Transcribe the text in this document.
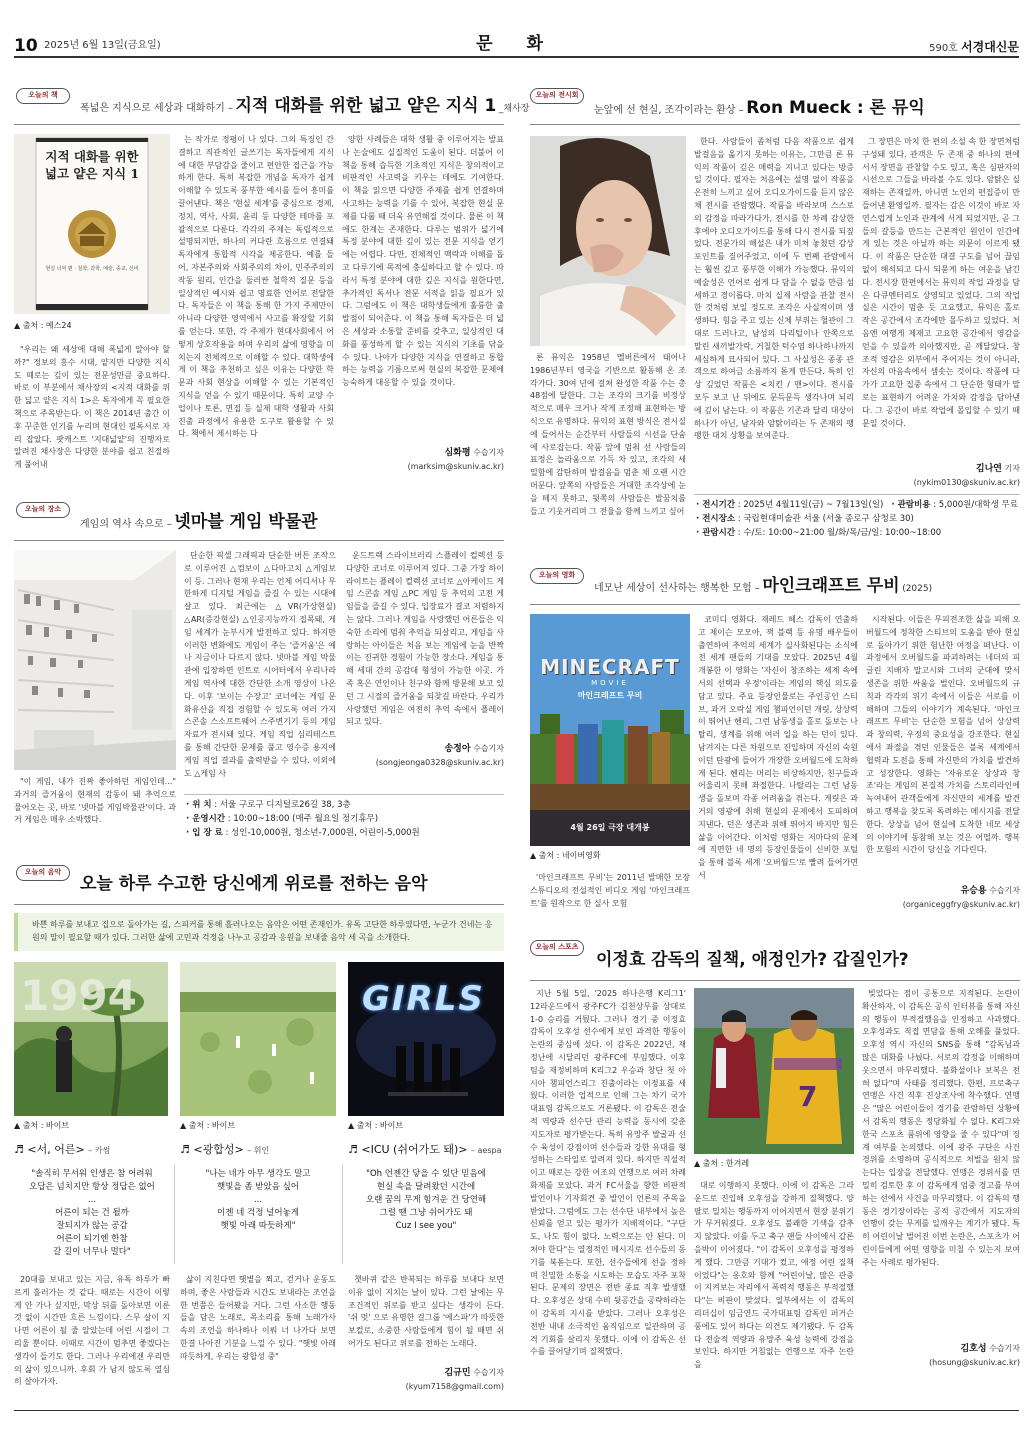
10 2025년 6월 13일(금요일)	문 화	590호 서경대신문
오늘의 책
폭넓은 지식으로 세상과 대화하기 – 지적 대화를 위한 넓고 얕은 지식 1 _채사장
지적 대화를 위한
넓고 얕은 지식 1
현실 너머 편 · 철학, 과학, 예술, 종교, 신비
▲ 출처 : 예스24

"우리는 왜 세상에 대해 폭넓게 알아야 할까?" 정보의 홍수 시대, 얕지만 다양한 지식도 때로는 깊이 있는 전문성만큼 중요하다. 바로 이 부분에서 채사장의 <지적 대화를 위한 넓고 얕은 지식 1>은 독자에게 꼭 필요한 책으로 주목받는다. 이 책은 2014년 출간 이후 꾸준한 인기를 누리며 현대인 필독서로 자리 잡았다. 팟캐스트 '지대넓얕'의 진행자로 알려진 채사장은 다양한 분야를 쉽고 친절하게 풀어내

는 작가로 정평이 나 있다. 그의 특징인 간결하고 직관적인 글쓰기는 독자들에게 지식에 대한 부담감을 줄이고 편안한 접근을 가능하게 한다. 특히 복잡한 개념을 독자가 쉽게 이해할 수 있도록 풍부한 예시를 들어 흥미를 끌어낸다. 책은 '현실 세계'를 중심으로 경제, 정치, 역사, 사회, 윤리 등 다양한 테마를 포괄적으로 다룬다. 각각의 주제는 독립적으로 설명되지만, 하나의 커다란 흐름으로 연결돼 독자에게 통합적 시각을 제공한다. 예를 들어, 자본주의와 사회주의의 차이, 민주주의의 작동 원리, 인간을 둘러싼 철학적 질문 등을 일상적인 예시와 쉽고 명료한 언어로 전달한다. 독자들은 이 책을 통해 한 가지 주제만이 아니라 다양한 영역에서 사고를 확장할 기회를 얻는다. 또한, 각 주제가 현대사회에서 어떻게 상호작용을 하며 우리의 삶에 영향을 미치는지 전체적으로 이해할 수 있다. 대학생에게 이 책을 추천하고 싶은 이유는 다양한 학문과 사회 현상을 이해할 수 있는 기본적인 지식을 얻을 수 있기 때문이다. 특히 교양 수업이나 토론, 면접 등 실제 대학 생활과 사회 진출 과정에서 유용한 도구로 활용할 수 있다. 책에서 제시하는 다

양한 사례들은 대학 생활 중 이루어지는 발표나 논술에도 실질적인 도움이 된다. 더불어 이 책을 통해 습득한 기초적인 지식은 창의적이고 비판적인 사고력을 키우는 데에도 기여한다. 이 책을 읽으면 다양한 주제를 쉽게 연결하며 사고하는 능력을 기를 수 있어, 복잡한 현실 문제를 다룰 때 더욱 유연해질 것이다. 물론 이 책에도 한계는 존재한다. 다루는 범위가 넓기에 특정 분야에 대한 깊이 있는 전문 지식을 얻기에는 어렵다. 다만, 전체적인 맥락과 이해를 돕고 다루기에 목적에 충실하다고 할 수 있다. 따라서 특정 분야에 대한 깊은 지식을 원한다면, 추가적인 독서나 전문 서적을 읽을 필요가 있다. 그럼에도 이 책은 대학생들에게 훌륭한 출발점이 되어준다. 이 책을 통해 독자들은 더 넓은 세상과 소통할 준비를 갖추고, 일상적인 대화를 풍성하게 할 수 있는 지식의 기초를 닦을 수 있다. 나아가 다양한 지식을 연결하고 통합하는 능력을 기름으로써 현실의 복잡한 문제에 능숙하게 대응할 수 있을 것이다.

심화평 수습기자
(marksim@skuniv.ac.kr)
오늘의 장소
게임의 역사 속으로 – 넷마블 게임 박물관

"이 게임, 내가 진짜 좋아하던 게임인데..." 과거의 즐거움이 현재의 감동이 돼 추억으로 물어오는 곳, 바로 '넷마블 게임박물관'이다. 과거 게임은 매우 소박했다.

단순한 픽셀 그래픽과 단순한 버튼 조작으로 이루어진 △컴보이 △다마고치 △게임보이 등. 그러나 현재 우리는 언제 어디서나 무한하게 디지털 게임을 즐길 수 있는 시대에 살고 있다. 최근에는 △VR(가상현실) △AR(증강현실) △인공지능까지 접목돼, 게임 세계가 눈부시게 발전하고 있다. 하지만 이러한 변화에도 게임이 주는 '즐거움'은 예나 지금이나 다르지 않다. 넷마블 게임 박물관에 입장하면 인트로 시어터에서 우리나라 게임 역사에 대한 간단한 소개 영상이 나온다. 이후 '보이는 수장고' 코너에는 게임 문화유산을 직접 경험할 수 있도록 여러 가지 스콘솔 스소프트웨어 스주변기기 등의 게임 자료가 전시돼 있다. 게임 직업 심리테스트를 통해 간단한 문제를 풀고 영수증 용지에 게임 직업 결과를 출력받을 수 있다. 이외에도 △게임 사

운드트랙 스라이브러리 스플레이 컬렉션 등 다양한 코너로 이루어져 있다. 그중 가장 하이라이트는 플레이 컬렉션 코너로 △아케이드 게임 스콘솔 게임 △PC 게임 등 추억의 고전 게임들을 즐길 수 있다. 입장료가 결코 저렴하지는 않다. 그러나 게임을 사랑했던 어른들은 익숙한 소리에 멈춰 추억을 되살리고, 게임을 사랑하는 아이들은 처음 보는 게임에 눈을 반짝이는 진귀한 경험이 가능한 장소다. 게임을 통해 세대 간의 공감대 형성이 가능한 이곳. 가족 혹은 연인이나 친구와 함께 방문해 보고 있던 그 시절의 즐거움을 되찾길 바란다. 우리가 사랑했던 게임은 여전히 추억 속에서 플레이 되고 있다.

송정아 수습기자
(songjeonga0328@skuniv.ac.kr)
· 위 치 : 서울 구로구 디지털로26길 38, 3층
· 운영시간 : 10:00~18:00 (매주 월요일 정기휴무)
· 입 장 료 : 성인-10,000원, 청소년-7,000원, 어린이-5,000원
오늘의 음악
오늘 하루 수고한 당신에게 위로를 전하는 음악
바쁜 하루를 보내고 집으로 돌아가는 길, 스피커를 통해 흘러나오는 음악은 어떤 존재인가. 유독 고단한 하루였다면, 누군가 건네는 응원의 말이 필요할 때가 있다. 그러한 삶에 고민과 걱정을 나누고 공감과 응원을 보내줄 음악 세 곡을 소개한다.
1994	GIRLS
▲ 출처 : 바이브	▲ 출처 : 바이브	▲ 출처 : 바이브
♬ <서, 어른> – 카썸	♬ <광합성> – 휘인	♬ <ICU (쉬어가도 돼)> – aespa
"솔직히 무서워 인생은 참 어려워
오답은 넘치지만 항상 정답은 없어
...
어른이 되는 건 될까
잘되지가 않는 공감
어른이 되기엔 한참
갈 길이 너무나 멀다"
"나는 네가 아무 생각도 말고
햇빛을 좀 받았음 싶어
...
이젠 네 걱정 널어놓게
햇빛 아래 따듯하게"
"Oh 언젠간 닿을 수 있단 믿음에
현실 속을 달려왔던 시간에
오랜 꿈의 무게 힘겨운 건 당연해
그럴 땐 그냥 쉬어가도 돼
Cuz I see you"

20대를 보내고 있는 지금, 유독 하루가 빠르게 흘러가는 것 같다. 때로는 시간이 이렇게 안 가나 싶지만, 막상 뒤를 돌아보면 이룬 것 없이 시간만 흐른 느낌이다. 스무 살이 지나면 어른이 될 줄 알았는데 어린 시절이 그리울 뿐이다. 이때로 시간이 멈추면 좋겠다는 생각이 들기도 한다. 그러나 우리에겐 우리만의 삶이 있으니까. 후회 가 남지 않도록 열심히 살아가자.

삶이 지친다면 햇볕을 쬐고, 걷거나 운동도 하며, 좋은 사람들과 시간도 보내라는 조언을 한 번쯤은 들어봤을 거다. 그런 사소한 행동들을 담은 노래로, 목소리를 통해 노래가사 속의 조언을 하나하나 이뤄 너 나가다 보면 한결 나아진 기분을 느낄 수 있다. "햇빛 아래 따듯하게, 우리는 광합성 중"

챗바퀴 같은 반복되는 하루를 보내다 보면 이유 없이 지치는 날이 있다. 그런 날에는 무조건적인 위로를 받고 싶다는 생각이 든다. '쉬 멋' 으로 유명한 걸그룹 '에스파'가 따뜻한 보컬로, 소중한 사람들에게 힘이 될 때면 쉬어가도 된다고 위로를 전하는 노래다.

김규민 수습기자
(kyum7158@gmail.com)
오늘의 전시회
눈앞에 선 현실, 조각이라는 환상 – Ron Mueck : 론 뮤익

론 뮤익은 1958년 멜버른에서 태어나 1986년부터 영국을 기반으로 활동해 온 조각가다. 30여 년에 걸쳐 완성한 작품 수는 총 48점에 달한다. 그는 조각의 크기를 비정상적으로 매우 크거나 작게 조정해 표현하는 방식으로 유명하다. 뮤익의 표현 방식은 전시실에 들어서는 순간부터 사람들의 시선을 단숨에 사로잡는다. 작품 앞에 멈춰 선 사람들의 표정은 놀라움으로 가득 차 있고, 조각의 세밀함에 감탄하며 발걸음을 멈춘 채 오랜 시간 머문다. 앞쪽의 사람들은 거대한 조각상에 눈을 떼지 못하고, 뒷쪽의 사람들은 발꿈치를 들고 기웃거리며 그 전율을 함께 느끼고 싶어

한다. 사람들이 좀처럼 다음 작품으로 쉽게 발걸음을 옮기지 못하는 이유는, 그만큼 론 뮤익의 작품이 깊은 매력을 지니고 있다는 방증일 것이다. 필자는 처음에는 설명 없이 작품을 온전히 느끼고 싶어 오디오가이드를 듣지 않은 채 전시를 관람했다. 작품을 바라보며 스스로의 감정을 따라가다가, 전시를 한 차례 감상한 후에야 오디오가이드를 통해 다시 전시를 되짚었다. 전문가의 해설은 내가 미처 놓쳤던 감상 포인트를 짚어주었고, 이에 두 번째 관람에서는 훨씬 깊고 풍부한 이해가 가능했다. 뮤익의 예술성은 언어로 쉽게 다 담을 수 없을 만큼 섬세하고 경이롭다. 마치 실제 사람을 관찰 전시한 것처럼 보일 정도로 조각은 사실적이며 생생하다. 힘을 주고 있는 신체 부위는 혈관이 그대로 드러나고, 남성의 다리털이나 안쪽으로 말린 새끼발가락, 거칠한 턱수염 하나하나까지 세심하게 묘사되어 있다. 그 사실성은 종종 관객으로 하여금 소름까지 돋게 만든다. 특히 인상 깊었던 작품은 <치킨 / 맨>이다. 전시를 모두 보고 난 뒤에도 문득문득 생각나며 뇌리에 깊이 남는다. 이 작품은 기존과 달리 대상이 하나가 아닌, 남자와 암탉이라는 두 존재의 팽팽한 대치 상황을 보여준다.

그 장면은 마치 한 편의 소설 속 한 장면처럼 구성돼 있다. 관객은 두 존재 중 하나의 편에 서서 장면을 관찰할 수도 있고, 혹은 심판자의 시선으로 그들을 바라볼 수도 있다. 암탉은 실재하는 존재일까, 아니면 노인의 편집증이 만들어낸 환영일까. 필자는 감은 이것이 바로 자연스럽게 노인과 관계에 서게 되었지만, 곧 그들의 갈등을 만드는 근본적인 원인이 인간에게 있는 것은 아닐까 하는 의문이 이르게 됐다. 이 작품은 단순한 대결 구도를 넘어 끊임없이 해석되고 다시 되묻게 하는 여운을 남긴다. 전시장 한편에서는 뮤익의 작업 과정을 담은 다큐멘터리도 상영되고 있었다. 그의 작업실은 시간이 멈춘 듯 고요했고, 뮤익은 홀로 작은 공간에서 조각에만 몰두하고 있었다. 처음엔 여행게 제재고 고요한 공간에서 영감을 얻을 수 있을까 의아했지만, 곧 깨달았다. 창조적 영감은 외부에서 주어지는 것이 아니라, 자신의 마음속에서 샘솟는 것이다. 작품에 다가가 고요한 집중 속에서 그 단순한 형태가 말로는 표현하기 어려운 가치와 감정을 담아낸다. 그 공간이 바로 작업에 몰입할 수 있기 때문일 것이다.

김나연 기자
(nykim0130@skuniv.ac.kr)
· 전시기간 : 2025년 4월11일(금) ~ 7월13일(일) · 관람비용 : 5,000원/대학생 무료
· 전시장소 : 국립현대미술관 서울 (서울 종로구 삼청로 30)
· 관람시간 : 수/토: 10:00~21:00 월/화/목/금/일: 10:00~18:00
오늘의 영화
네모난 세상이 선사하는 행복한 모험 – 마인크래프트 무비 (2025)
MINECRAFT
MOVIE
마인크래프트 무비
4월 26일 극장 대개봉
▲ 출처 : 네이버영화

'마인크래프트 무비'는 2011년 발매한 모장 스튜디오의 전설적인 비디오 게임 '마인크래프트'를 원작으로 한 실사 모험

코미디 영화다. 재레드 헤스 감독이 연출하고 제이슨 모모아, 잭 블랙 등 유명 배우들이 출연하여 추억의 세계가 실사화된다는 소식에 전 세계 팬들의 기대를 모았다. 2025년 4월 개봉한 이 영화는 '자신이 창조하는 세계 속에서의 선택과 우정'이라는 게임의 핵심 의도를 담고 있다. 주요 등장인물로는 주인공인 스티브, 과거 오락실 게임 챔피언이던 개릿, 상상력이 뛰어난 헨리, 그런 남동생을 홀로 돌보는 나탈리, 생계를 위해 여러 일을 하는 던이 있다. 남겨지는 다른 차원으로 진입하며 자신의 숙원이던 탄광에 들어가 개장한 오버월드에 도착하게 된다. 헨리는 머리는 비상하지만, 친구들과 어울리지 못해 좌절한다. 나탈리는 그런 남동생을 돌보며 각종 어려움을 겪는다. 게릿은 과거의 영광에 취해 현실의 문제에서 도피하며 지낸다. 던은 생존과 위해 뛰어지 바지만 힘든 삶을 이어간다. 이처럼 영화는 저마다의 문제에 직면한 네 명의 등장인물들이 신비한 포털을 통해 블록 세계 '오버월드'로 빨려 들어가면서

시작된다. 이들은 무피전조한 삶을 피해 오버월드에 정착한 스티브의 도움을 받아 현실로 돌아가기 위한 험난한 여정을 떠난다. 이 과정에서 오버월드를 파괴하려는 네더의 피글린 지배자 말고시와 그녀의 군대에 맞서 생존을 위한 싸움을 벌인다. 오버월드의 규칙과 각각의 위기 속에서 이들은 서로를 이해하며 그들의 이야기가 계속된다. '마인크래프트 무비'는 단순한 모험을 넘어 상상력과 창의력, 우정의 중요성을 강조한다. 현실에서 좌절을 겪던 인물들은 블록 세계에서 협력과 도전을 통해 자신만의 가치를 발견하고 성장한다. 영화는 '자유로운 상상과 창조'라는 게임의 본질적 가치를 스토리라인에 녹여내어 관객들에게 자신만의 세계를 발견하고 행복을 찾도록 독려하는 메시지를 전달한다. 상상을 넘어 현실에 도착한 네모 세상의 이야기에 동참해 보는 것은 어떨까. 행복한 모험의 시간이 당신을 기다린다.

유승용 수습기자
(organiceggfry@skuniv.ac.kr)
오늘의 스포츠
이정효 감독의 질책, 애정인가? 갑질인가?

지난 5월 5일, '2025 하나은행 K리그1' 12라운드에서 광주FC가 김천상무를 상대로 1-0 승리를 거뒀다. 그러나 경기 중 이정효 감독이 오후성 선수에게 보인 과격한 행동이 논란의 중심에 섰다. 이 감독은 2022년, 재정난에 시달리던 광주FC에 부임했다. 이후 팀을 재정비하며 K리그2 우승과 창단 첫 아시아 챔피언스리그 진출이라는 이정표를 세웠다. 이러한 업적으로 인해 그는 차기 국가대표팀 감독으로도 거론됐다. 이 감독은 전술적 역량과 선수단 관리 능력을 동시에 갖춘 지도자로 평가받는다. 특히 유망주 발굴과 선수 육성이 강점이며 선수들과 강한 유대를 형성하는 스타일로 알려져 있다. 하지만 직설적이고 때로는 강한 어조의 언행으로 여러 차례 화제를 모았다. 과거 FC서울을 향한 비판적 발언이나 기자회견 중 발언이 언론의 주목을 받았다. 그럼에도 그는 선수단 내부에서 높은 신뢰를 얻고 있는 평가가 지배적이다. "구단도, 나도 힘이 없다. 노력으로는 안 된다. 미쳐야 한다"는 열정적인 메시지로 선수들의 동기를 북돋는다. 또한, 선수들에게 선을 정하며 친밀한 소통을 시도하는 모습도 자주 포착된다. 문제의 장면은 전반 종료 직후 발생했다. 오후성은 상대 수비 뒷공간을 공략하라는 이 감독의 지시를 받았다. 그러나 오후성은 전반 내내 소극적인 움직임으로 일관하며 공격 기회를 살리지 못했다. 이에 이 감독은 선수를 끌어당기며 질책했다.

7
▲ 출처 : 한겨레

대로 이행하지 못했다. 이에 이 감독은 그라운드로 진입해 오후성을 강하게 질책했다. 양팔로 밀치는 행동까지 이어지면서 현장 분위기가 무거워졌다. 오후성도 불쾌한 기색을 감추지 않았다. 이를 두고 축구 팬들 사이에서 갑론을박이 이어졌다. "이 감독이 오후성을 평정하게 했다. 그만큼 기대가 컸고, 애정 어린 질책이었다"는 옹호와 함께 "어린이날, 많은 관중이 지켜보는 자리에서 폭력적 행동은 부적절했다"는 비판이 맞섰다. 일부에서는 이 감독의 리더십이 임금연드 국가대표팀 감독인 퍼거슨 풍에도 있어 하다는 의견도 제기됐다. 두 감독 다 전술적 역량과 유망주 육성 능력에 강점을 보인다. 하지만 거침없는 언행으로 자주 논란을

빚었다는 점이 공통으로 지적된다. 논란이 확산하자, 이 감독은 공식 인터뷰를 통해 자신의 행동이 부적절했음을 인정하고 사과했다. 오후성과도 직접 면담을 통해 오해를 풀었다. 오후성 역시 자신의 SNS를 통해 "감독님과 많은 대화를 나눴다. 서로의 감정을 이해하며 웃으면서 마무리했다. 불화설이나 보복은 전혀 없다"며 사태를 정리했다. 한편, 프로축구연맹은 사건 직후 진상조사에 착수했다. 연맹은 "많은 어린이들이 경기를 관람하던 상황에서 감독의 행동은 정당화될 수 없다. K리그와 한국 스포츠 품위에 영향을 줄 수 있다"며 징계 여부를 논의했다. 이에 광주 구단은 사건 경위를 소명하며 공식적으로 처벌을 원치 않는다는 입장을 전달했다. 연맹은 경위서를 면밀히 검토한 후 이 감독에게 엄중 경고를 부여하는 선에서 사건을 마무리했다. 이 감독의 행동은 경기장이라는 공적 공간에서 지도자의 언행이 갖는 무게를 일깨우는 계기가 됐다. 특히 어린이날 벌어진 이번 논란은, 스포츠가 어린이들에게 어떤 영향을 미칠 수 있는지 보여주는 사례로 평가된다.

김호성 수습기자
(hosung@skuniv.ac.kr)
